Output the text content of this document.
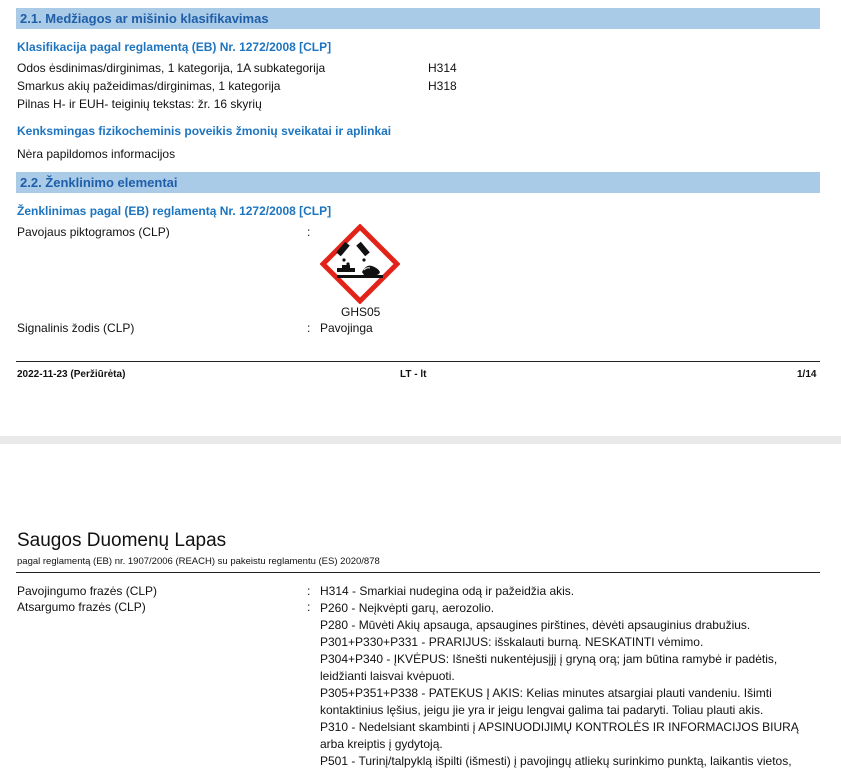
2.1. Medžiagos ar mišinio klasifikavimas
Klasifikacija pagal reglamentą (EB) Nr. 1272/2008 [CLP]
Odos ėsdinimas/dirginimas, 1 kategorija, 1A subkategorija	H314
Smarkus akių pažeidimas/dirginimas, 1 kategorija	H318
Pilnas H- ir EUH- teiginių tekstas: žr. 16 skyrių
Kenksmingas fizikocheminis poveikis žmonių sveikatai ir aplinkai
Nėra papildomos informacijos
2.2. Ženklinimo elementai
Ženklinimas pagal (EB) reglamentą Nr. 1272/2008 [CLP]
Pavojaus piktogramos (CLP)	:
GHS05
Signalinis žodis (CLP)	: Pavojinga
2022-11-23 (Peržiūrėta)	LT - lt	1/14
Saugos Duomenų Lapas
pagal reglamentą (EB) nr. 1907/2006 (REACH) su pakeistu reglamentu (ES) 2020/878
Pavojingumo frazės (CLP)	: H314 - Smarkiai nudegina odą ir pažeidžia akis.
Atsargumo frazės (CLP)	: P260 - Neįkvėpti garų, aerozolio.
P280 - Mūvėti Akių apsauga, apsaugines pirštines, dėvėti apsauginius drabužius.
P301+P330+P331 - PRARIJUS: išskalauti burną. NESKATINTI vėmimo.
P304+P340 - ĮKVĖPUS: Išnešti nukentėjusįjį į gryną orą; jam būtina ramybė ir padėtis,
leidžianti laisvai kvėpuoti.
P305+P351+P338 - PATEKUS Į AKIS: Kelias minutes atsargiai plauti vandeniu. Išimti
kontaktinius lęšius, jeigu jie yra ir jeigu lengvai galima tai padaryti. Toliau plauti akis.
P310 - Nedelsiant skambinti į APSINUODIJIMŲ KONTROLĖS IR INFORMACIJOS BIURĄ
arba kreiptis į gydytoją.
P501 - Turinį/talpyklą išpilti (išmesti) į pavojingų atliekų surinkimo punktą, laikantis vietos,
